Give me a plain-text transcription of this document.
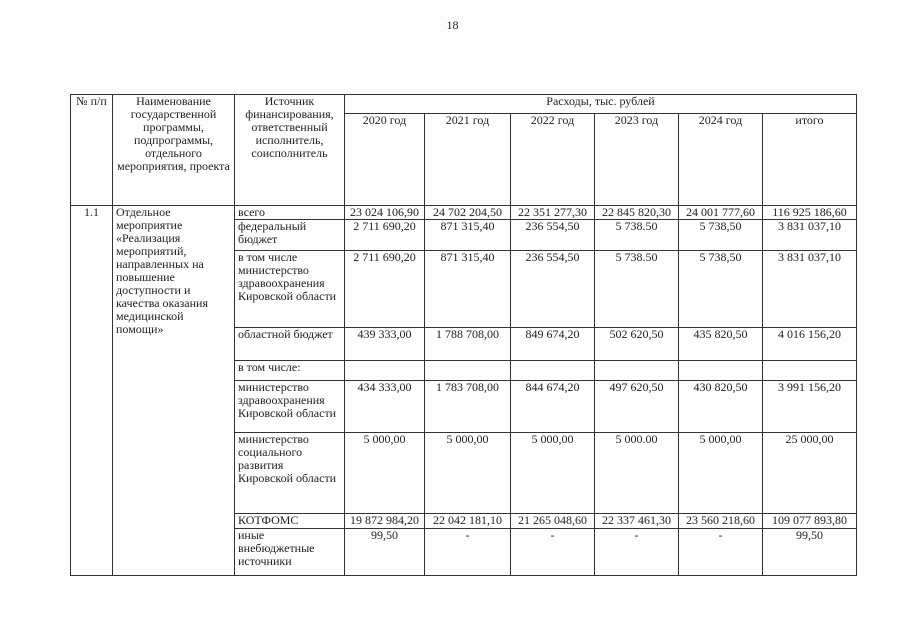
18
№ п/п	Наименование государственной программы, подпрограммы, отдельного мероприятия, проекта	Источник финансирования, ответственный исполнитель, соисполнитель	Расходы, тыс. рублей					
			2020 год	2021 год	2022 год	2023 год	2024 год	итого
1.1	Отдельное мероприятие «Реализация мероприятий, направленных на повышение доступности и качества оказания медицинской помощи»	всего	23 024 106,90	24 702 204,50	22 351 277,30	22 845 820,30	24 001 777,60	116 925 186,60
		федеральный бюджет	2 711 690,20	871 315,40	236 554,50	5 738.50	5 738,50	3 831 037,10
		в том числе министерство здравоохранения Кировской области	2 711 690,20	871 315,40	236 554,50	5 738.50	5 738,50	3 831 037,10
		областной бюджет	439 333,00	1 788 708,00	849 674,20	502 620,50	435 820,50	4 016 156,20
		в том числе:						
		министерство здравоохранения Кировской области	434 333,00	1 783 708,00	844 674,20	497 620,50	430 820,50	3 991 156,20
		министерство социального развития Кировской области	5 000,00	5 000,00	5 000,00	5 000.00	5 000,00	25 000,00
		КОТФОМС	19 872 984,20	22 042 181,10	21 265 048,60	22 337 461,30	23 560 218,60	109 077 893,80
		иные внебюджетные источники	99,50	-	-	-	-	99,50
